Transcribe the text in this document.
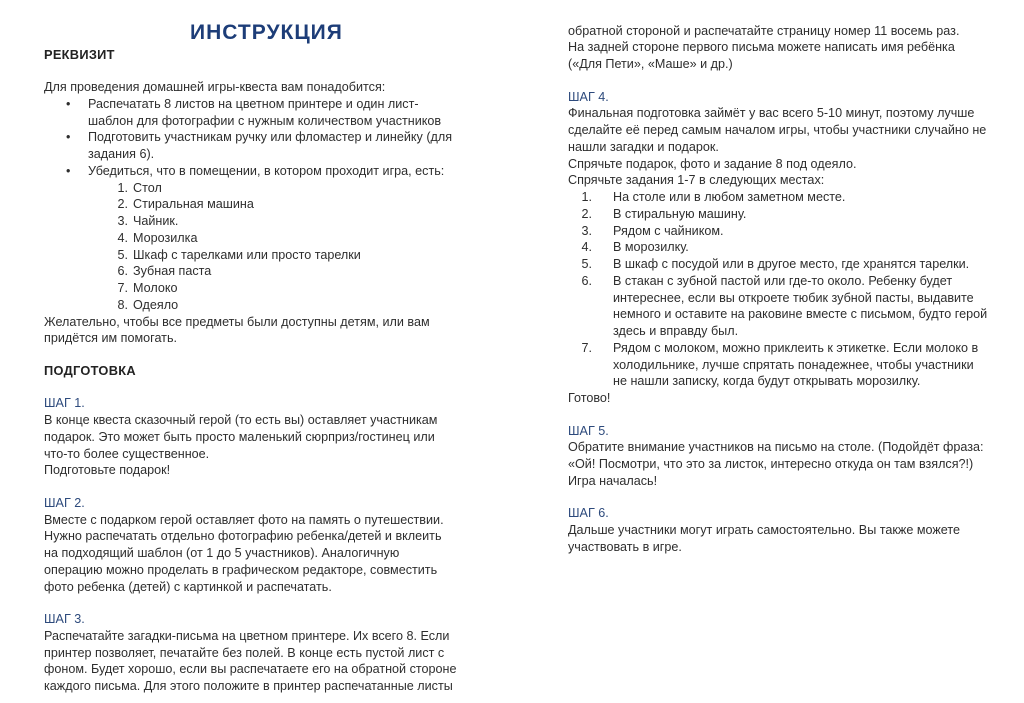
ИНСТРУКЦИЯ
РЕКВИЗИТ
Для проведения домашней игры-квеста вам понадобится:
• Распечатать 8 листов на цветном принтере и один лист-
шаблон для фотографии с нужным количеством участников
• Подготовить участникам ручку или фломастер и линейку (для
задания 6).
• Убедиться, что в помещении, в котором проходит игра, есть:
1. Стол
2. Стиральная машина
3. Чайник.
4. Морозилка
5. Шкаф с тарелками или просто тарелки
6. Зубная паста
7. Молоко
8. Одеяло
Желательно, чтобы все предметы были доступны детям, или вам
придётся им помогать.
ПОДГОТОВКА
ШАГ 1.
В конце квеста сказочный герой (то есть вы) оставляет участникам
подарок. Это может быть просто маленький сюрприз/гостинец или
что-то более существенное.
Подготовьте подарок!
ШАГ 2.
Вместе с подарком герой оставляет фото на память о путешествии.
Нужно распечатать отдельно фотографию ребенка/детей и вклеить
на подходящий шаблон (от 1 до 5 участников). Аналогичную
операцию можно проделать в графическом редакторе, совместить
фото ребенка (детей) с картинкой и распечатать.
ШАГ 3.
Распечатайте загадки-письма на цветном принтере. Их всего 8. Если
принтер позволяет, печатайте без полей. В конце есть пустой лист с
фоном. Будет хорошо, если вы распечатаете его на обратной стороне
каждого письма. Для этого положите в принтер распечатанные листы
обратной стороной и распечатайте страницу номер 11 восемь раз.
На задней стороне первого письма можете написать имя ребёнка
(«Для Пети», «Маше» и др.)
ШАГ 4.
Финальная подготовка займёт у вас всего 5-10 минут, поэтому лучше
сделайте её перед самым началом игры, чтобы участники случайно не
нашли загадки и подарок.
Спрячьте подарок, фото и задание 8 под одеяло.
Спрячьте задания 1-7 в следующих местах:
1. На столе или в любом заметном месте.
2. В стиральную машину.
3. Рядом с чайником.
4. В морозилку.
5. В шкаф с посудой или в другое место, где хранятся тарелки.
6. В стакан с зубной пастой или где-то около. Ребенку будет
интереснее, если вы откроете тюбик зубной пасты, выдавите
немного и оставите на раковине вместе с письмом, будто герой
здесь и вправду был.
7. Рядом с молоком, можно приклеить к этикетке. Если молоко в
холодильнике, лучше спрятать понадежнее, чтобы участники
не нашли записку, когда будут открывать морозилку.
Готово!
ШАГ 5.
Обратите внимание участников на письмо на столе. (Подойдёт фраза:
«Ой! Посмотри, что это за листок, интересно откуда он там взялся?!)
Игра началась!
ШАГ 6.
Дальше участники могут играть самостоятельно. Вы также можете
участвовать в игре.
